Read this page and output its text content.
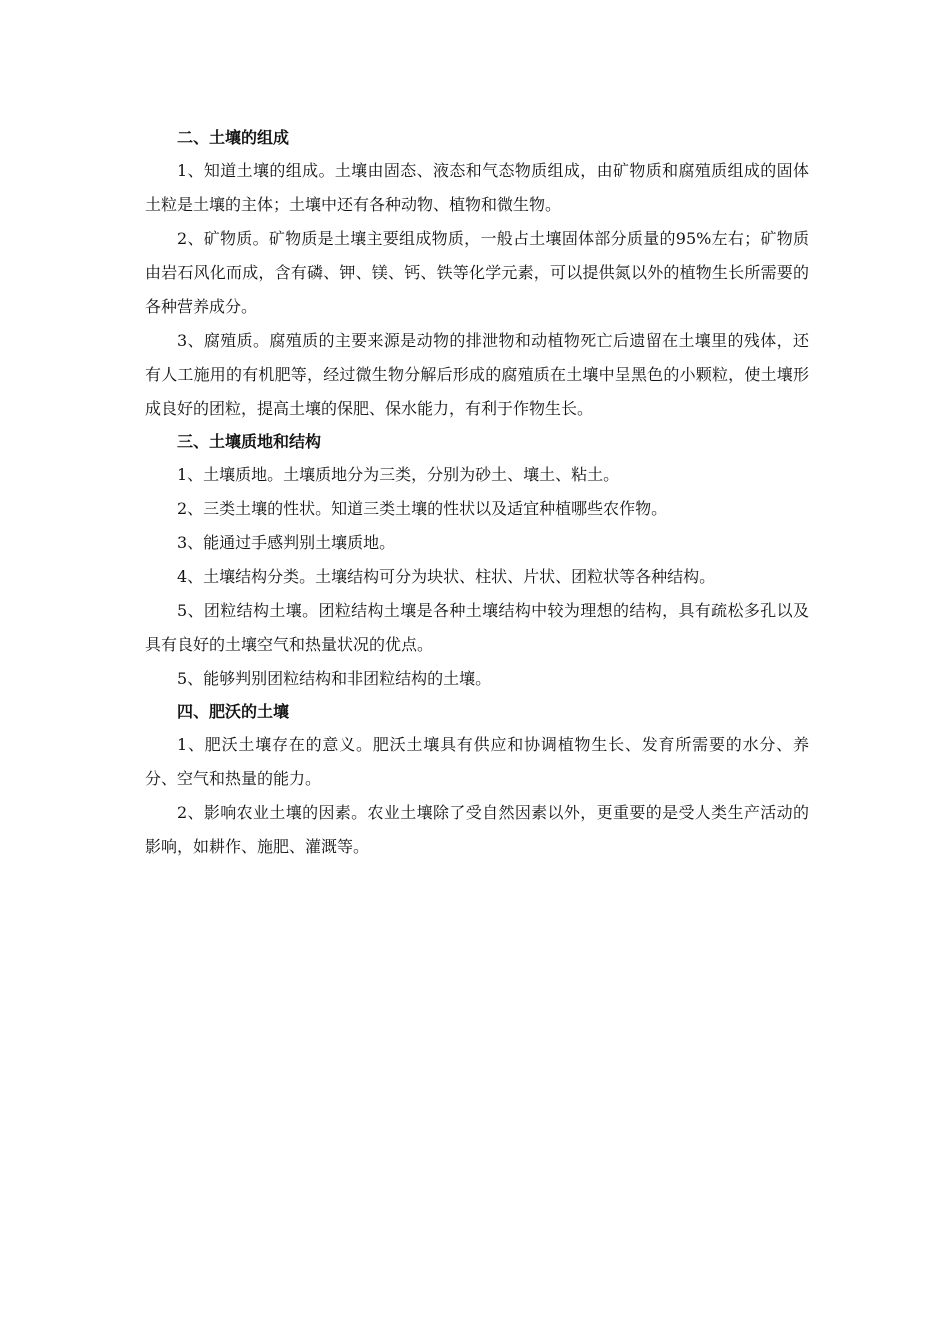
二、土壤的组成

1、知道土壤的组成。土壤由固态、液态和气态物质组成，由矿物质和腐殖质组成的固体土粒是土壤的主体；土壤中还有各种动物、植物和微生物。

2、矿物质。矿物质是土壤主要组成物质，一般占土壤固体部分质量的95%左右；矿物质由岩石风化而成，含有磷、钾、镁、钙、铁等化学元素，可以提供氮以外的植物生长所需要的各种营养成分。

3、腐殖质。腐殖质的主要来源是动物的排泄物和动植物死亡后遗留在土壤里的残体，还有人工施用的有机肥等，经过微生物分解后形成的腐殖质在土壤中呈黑色的小颗粒，使土壤形成良好的团粒，提高土壤的保肥、保水能力，有利于作物生长。

三、土壤质地和结构

1、土壤质地。土壤质地分为三类，分别为砂土、壤土、粘土。

2、三类土壤的性状。知道三类土壤的性状以及适宜种植哪些农作物。

3、能通过手感判别土壤质地。

4、土壤结构分类。土壤结构可分为块状、柱状、片状、团粒状等各种结构。

5、团粒结构土壤。团粒结构土壤是各种土壤结构中较为理想的结构，具有疏松多孔以及具有良好的土壤空气和热量状况的优点。

5、能够判别团粒结构和非团粒结构的土壤。

四、肥沃的土壤

1、肥沃土壤存在的意义。肥沃土壤具有供应和协调植物生长、发育所需要的水分、养分、空气和热量的能力。

2、影响农业土壤的因素。农业土壤除了受自然因素以外，更重要的是受人类生产活动的影响，如耕作、施肥、灌溉等。
